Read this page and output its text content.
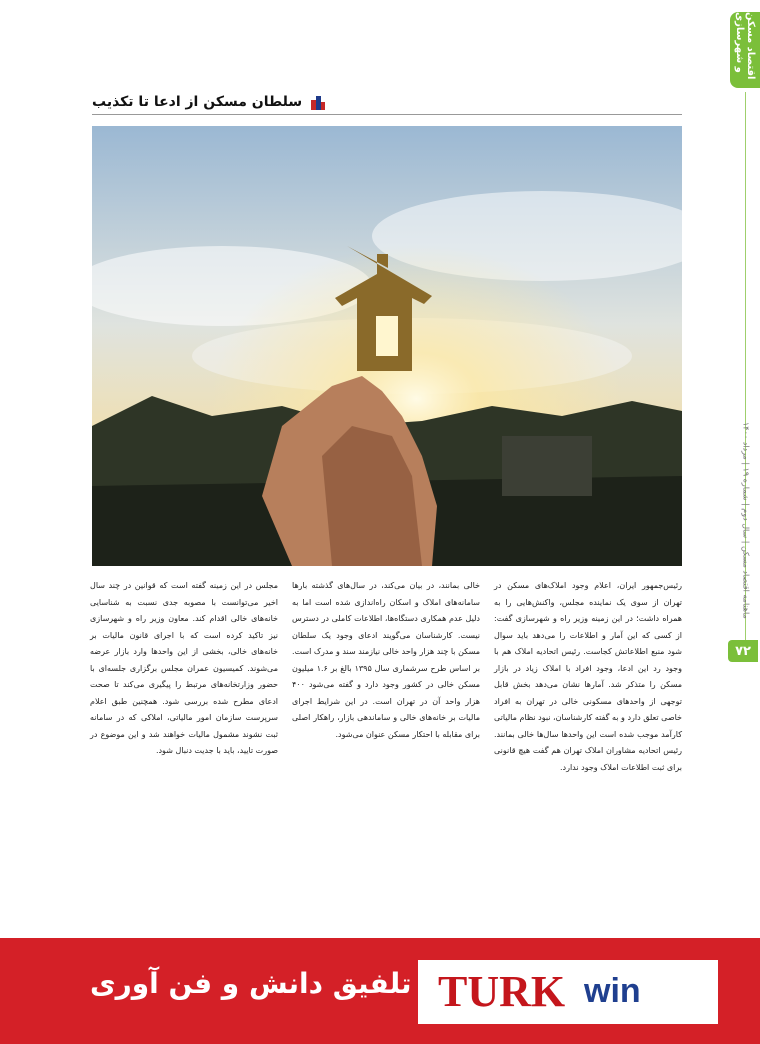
اقتصاد مسکن و شهرسازی
ماهنامه اقتصاد مسکن | سال دوم | شماره ۱۹ | مرداد ۱۴۰۰
۷۲
سلطان مسکن از ادعا تا تکذیب

رئیس‌جمهور ایران، اعلام وجود املاک‌های مسکن در تهران از سوی یک نماینده مجلس، واکنش‌هایی را به همراه داشت؛ در این زمینه وزیر راه و شهرسازی گفت: از کسی که این آمار و اطلاعات را می‌دهد باید سوال شود منبع اطلاعاتش کجاست. رئیس اتحادیه املاک هم با وجود رد این ادعا، وجود افراد با املاک زیاد در بازار مسکن را متذکر شد. آمارها نشان می‌دهد بخش قابل توجهی از واحدهای مسکونی خالی در تهران به افراد خاصی تعلق دارد و به گفته کارشناسان، نبود نظام مالیاتی کارآمد موجب شده است این واحدها سال‌ها خالی بمانند. رئیس اتحادیه مشاوران املاک تهران هم گفت هیچ قانونی برای ثبت اطلاعات املاک وجود ندارد.

خالی بمانند، در بیان می‌کند، در سال‌های گذشته بارها سامانه‌های املاک و اسکان راه‌اندازی شده است اما به دلیل عدم همکاری دستگاه‌ها، اطلاعات کاملی در دسترس نیست. کارشناسان می‌گویند ادعای وجود یک سلطان مسکن با چند هزار واحد خالی نیازمند سند و مدرک است. بر اساس طرح سرشماری سال ۱۳۹۵ بالغ بر ۱.۶ میلیون مسکن خالی در کشور وجود دارد و گفته می‌شود ۴۰۰ هزار واحد آن در تهران است. در این شرایط اجرای مالیات بر خانه‌های خالی و ساماندهی بازار، راهکار اصلی برای مقابله با احتکار مسکن عنوان می‌شود.

مجلس در این زمینه گفته است که قوانین در چند سال اخیر می‌توانست با مصوبه جدی نسبت به شناسایی خانه‌های خالی اقدام کند. معاون وزیر راه و شهرسازی نیز تاکید کرده است که با اجرای قانون مالیات بر خانه‌های خالی، بخشی از این واحدها وارد بازار عرضه می‌شوند. کمیسیون عمران مجلس برگزاری جلسه‌ای با حضور وزارتخانه‌های مرتبط را پیگیری می‌کند تا صحت ادعای مطرح شده بررسی شود. همچنین طبق اعلام سرپرست سازمان امور مالیاتی، املاکی که در سامانه ثبت نشوند مشمول مالیات خواهند شد و این موضوع در صورت تایید، باید با جدیت دنبال شود.

TURK win
تلفیق دانش و فن آوری
